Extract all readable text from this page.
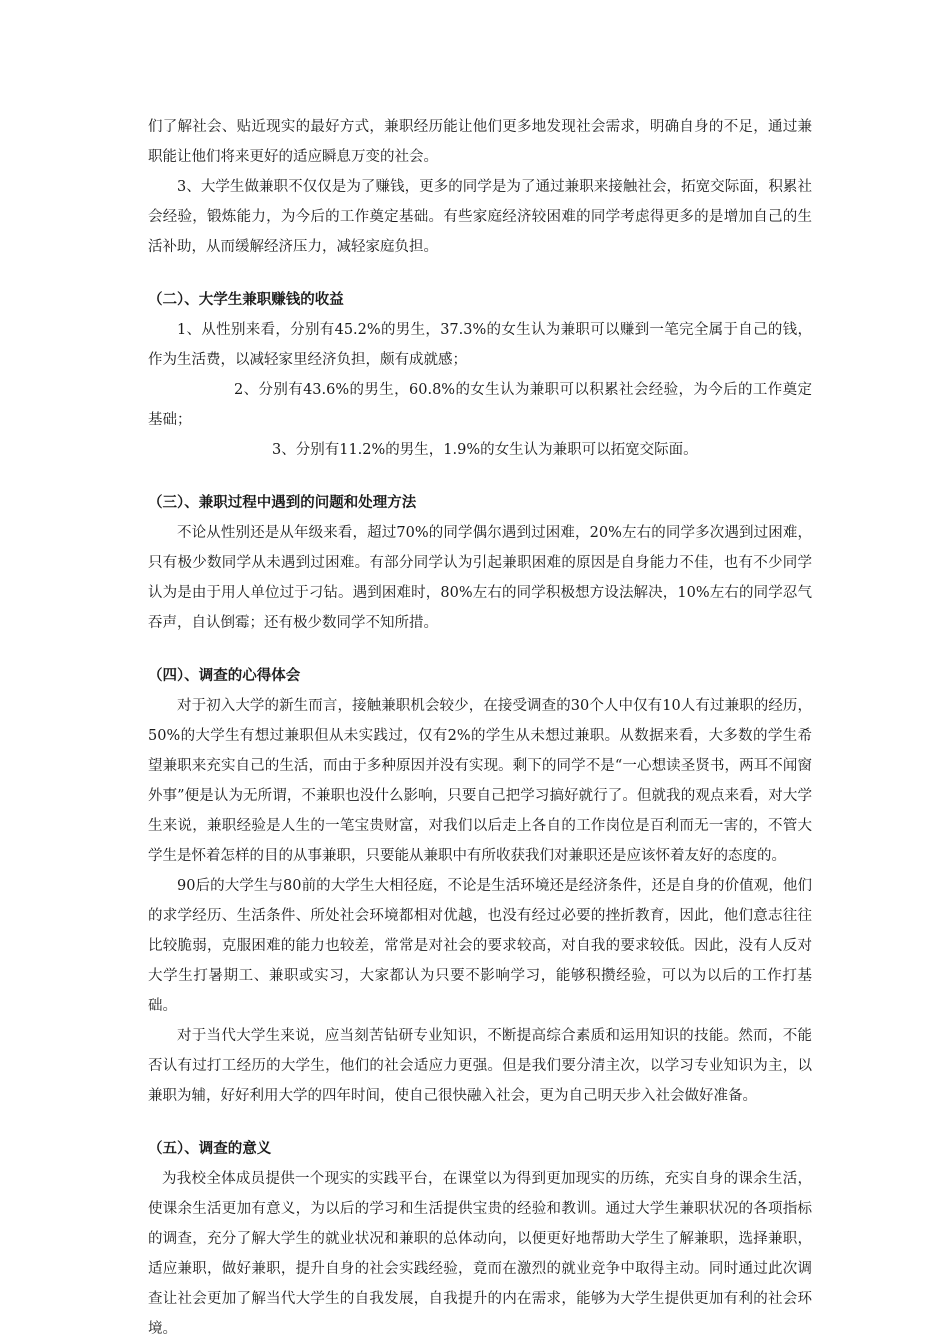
们了解社会、贴近现实的最好方式，兼职经历能让他们更多地发现社会需求，明确自身的不足，通过兼职能让他们将来更好的适应瞬息万变的社会。

3、大学生做兼职不仅仅是为了赚钱，更多的同学是为了通过兼职来接触社会，拓宽交际面，积累社会经验，锻炼能力，为今后的工作奠定基础。有些家庭经济较困难的同学考虑得更多的是增加自己的生活补助，从而缓解经济压力，减轻家庭负担。

（二）、大学生兼职赚钱的收益

1、从性别来看，分别有45.2%的男生，37.3%的女生认为兼职可以赚到一笔完全属于自己的钱，作为生活费，以减轻家里经济负担，颇有成就感；

2、分别有43.6%的男生，60.8%的女生认为兼职可以积累社会经验，为今后的工作奠定基础；

3、分别有11.2%的男生，1.9%的女生认为兼职可以拓宽交际面。

（三）、兼职过程中遇到的问题和处理方法

不论从性别还是从年级来看，超过70%的同学偶尔遇到过困难，20%左右的同学多次遇到过困难，只有极少数同学从未遇到过困难。有部分同学认为引起兼职困难的原因是自身能力不佳，也有不少同学认为是由于用人单位过于刁钻。遇到困难时，80%左右的同学积极想方设法解决，10%左右的同学忍气吞声，自认倒霉；还有极少数同学不知所措。

（四）、调查的心得体会

对于初入大学的新生而言，接触兼职机会较少，在接受调查的30个人中仅有10人有过兼职的经历，50%的大学生有想过兼职但从未实践过，仅有2%的学生从未想过兼职。从数据来看，大多数的学生希望兼职来充实自己的生活，而由于多种原因并没有实现。剩下的同学不是“一心想读圣贤书，两耳不闻窗外事”便是认为无所谓，不兼职也没什么影响，只要自己把学习搞好就行了。但就我的观点来看，对大学生来说，兼职经验是人生的一笔宝贵财富，对我们以后走上各自的工作岗位是百利而无一害的，不管大学生是怀着怎样的目的从事兼职，只要能从兼职中有所收获我们对兼职还是应该怀着友好的态度的。

90后的大学生与80前的大学生大相径庭，不论是生活环境还是经济条件，还是自身的价值观，他们的求学经历、生活条件、所处社会环境都相对优越，也没有经过必要的挫折教育，因此，他们意志往往比较脆弱，克服困难的能力也较差，常常是对社会的要求较高，对自我的要求较低。因此，没有人反对大学生打暑期工、兼职或实习，大家都认为只要不影响学习，能够积攒经验，可以为以后的工作打基础。

对于当代大学生来说，应当刻苦钻研专业知识，不断提高综合素质和运用知识的技能。然而，不能否认有过打工经历的大学生，他们的社会适应力更强。但是我们要分清主次，以学习专业知识为主，以兼职为辅，好好利用大学的四年时间，使自己很快融入社会，更为自己明天步入社会做好准备。

（五）、调查的意义

为我校全体成员提供一个现实的实践平台，在课堂以为得到更加现实的历练，充实自身的课余生活，使课余生活更加有意义，为以后的学习和生活提供宝贵的经验和教训。通过大学生兼职状况的各项指标的调查，充分了解大学生的就业状况和兼职的总体动向，以便更好地帮助大学生了解兼职，选择兼职，适应兼职，做好兼职，提升自身的社会实践经验，竟而在激烈的就业竞争中取得主动。同时通过此次调查让社会更加了解当代大学生的自我发展，自我提升的内在需求，能够为大学生提供更加有利的社会环境。
